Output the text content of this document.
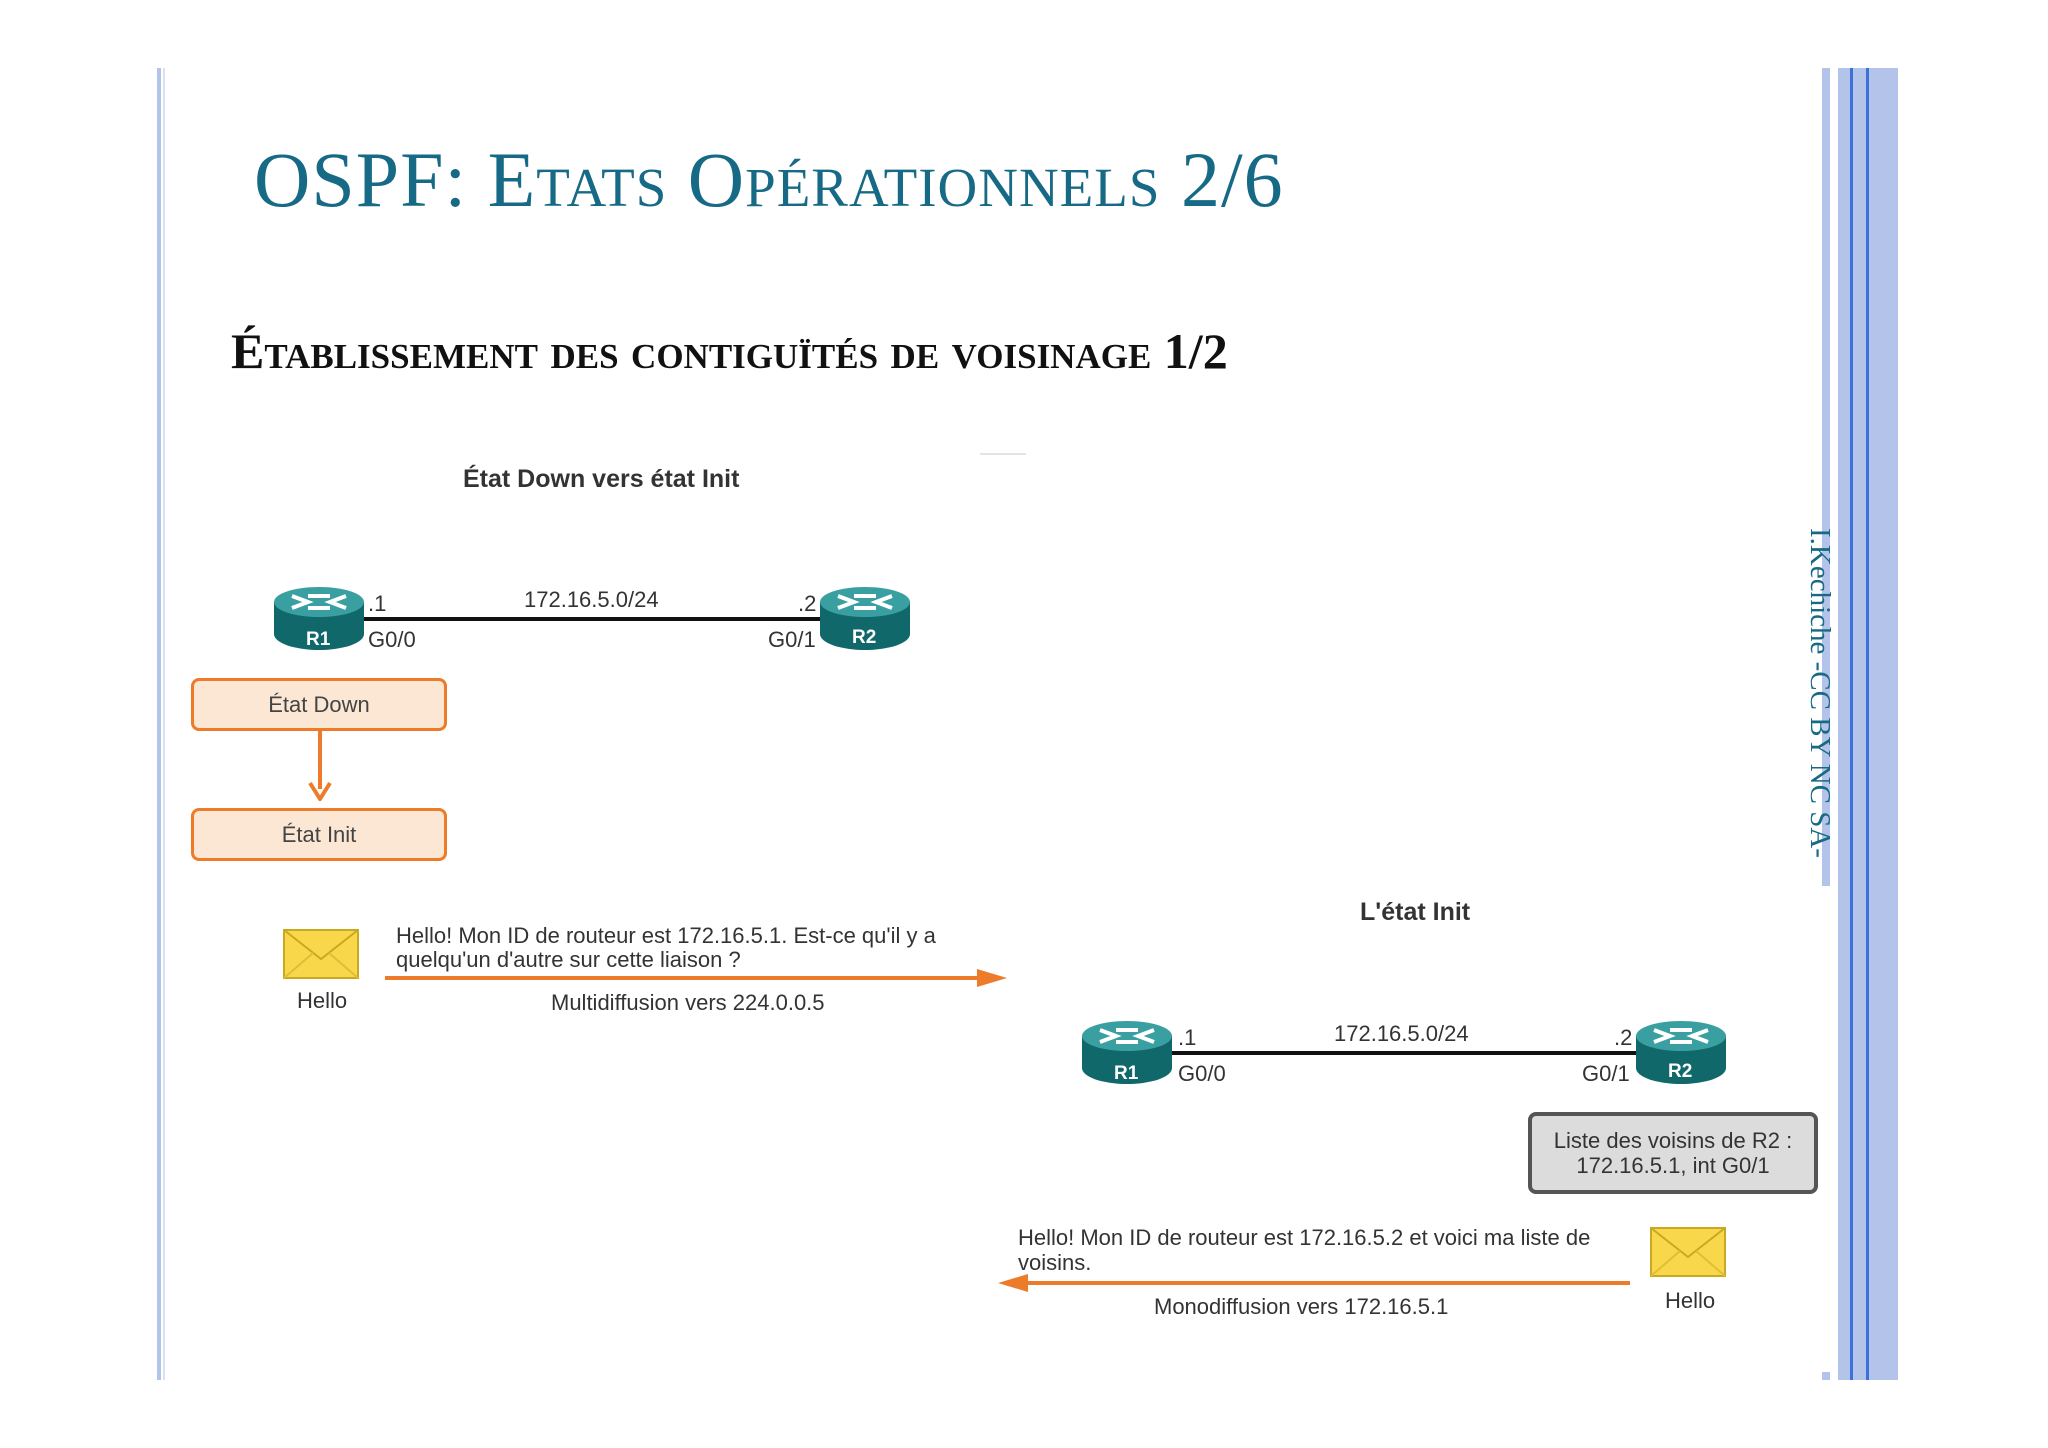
OSPF: Etats Opérationnels 2/6
Établissement des contiguïtés de voisinage 1/2
I.Kechiche -CC BY NC SA-
État Down vers état Init
172.16.5.0/24
.1
G0/0
.2
G0/1
R1	R2
État Down
État Init
Hello
Hello! Mon ID de routeur est 172.16.5.1. Est-ce qu'il y a
quelqu'un d'autre sur cette liaison ?
Multidiffusion vers 224.0.0.5
L'état Init
172.16.5.0/24
.1
G0/0
.2
G0/1
R1	R2
Liste des voisins de R2 :
172.16.5.1, int G0/1
Hello! Mon ID de routeur est 172.16.5.2 et voici ma liste de
voisins.
Monodiffusion vers 172.16.5.1	Hello
